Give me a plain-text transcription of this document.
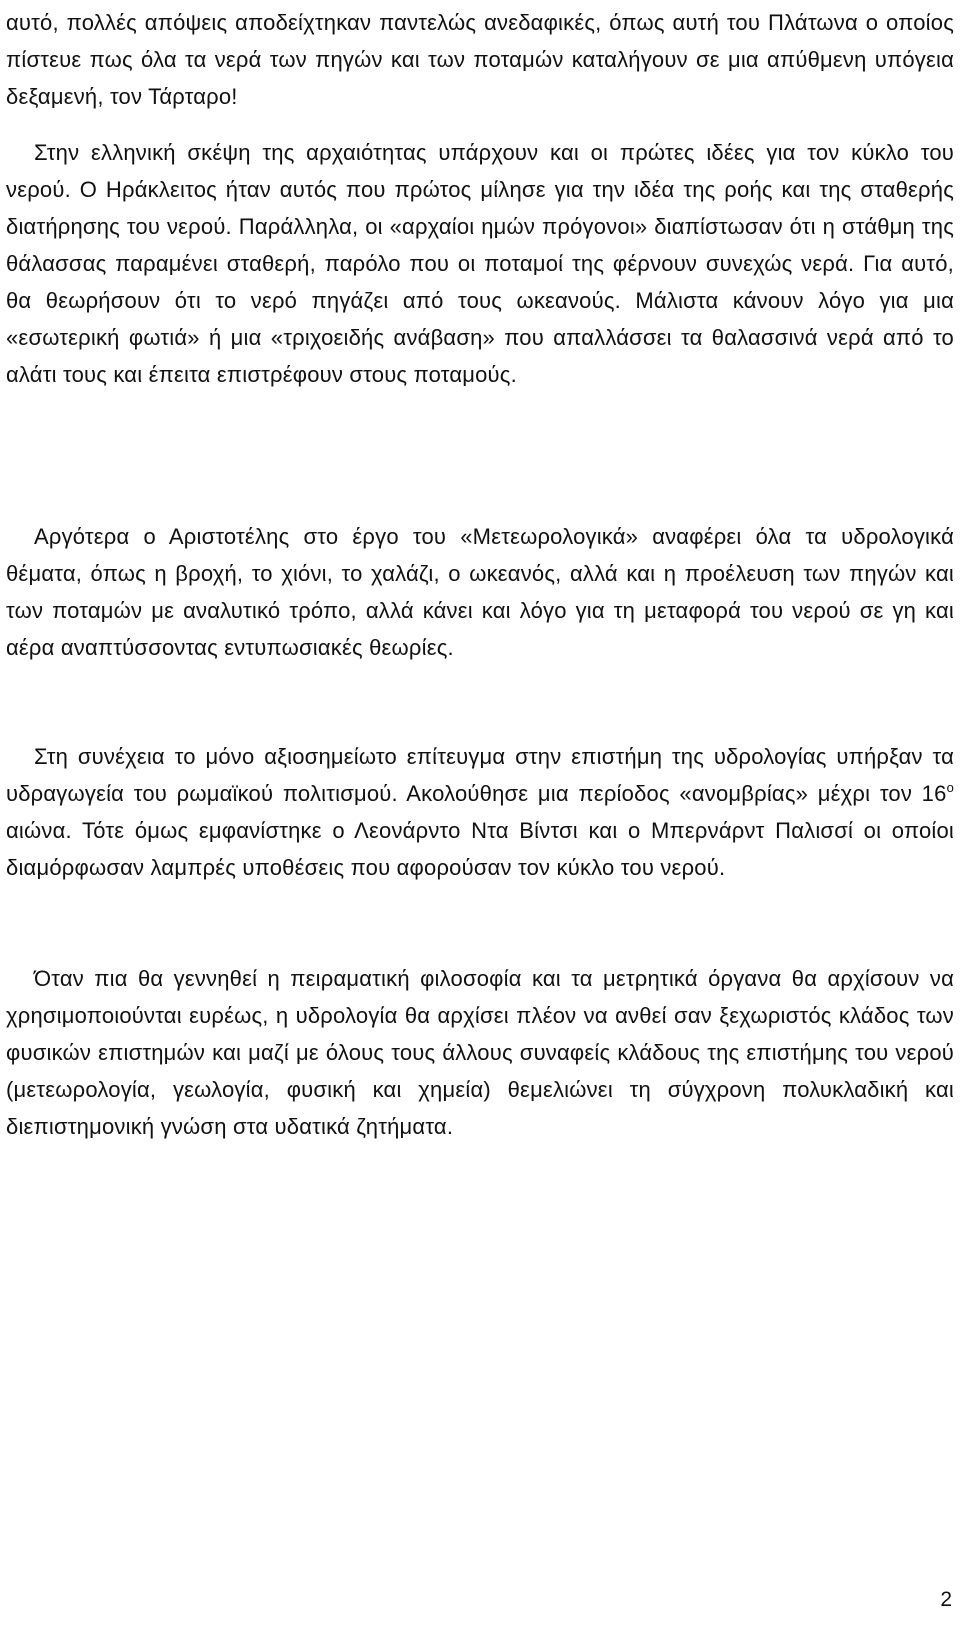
αυτό, πολλές απόψεις αποδείχτηκαν παντελώς ανεδαφικές, όπως αυτή του Πλάτωνα ο οποίος πίστευε πως όλα τα νερά των πηγών και των ποταμών καταλήγουν σε μια απύθμενη υπόγεια δεξαμενή, τον Τάρταρο!

Στην ελληνική σκέψη της αρχαιότητας υπάρχουν και οι πρώτες ιδέες για τον κύκλο του νερού. Ο Ηράκλειτος ήταν αυτός που πρώτος μίλησε για την ιδέα της ροής και της σταθερής διατήρησης του νερού. Παράλληλα, οι «αρχαίοι ημών πρόγονοι» διαπίστωσαν ότι η στάθμη της θάλασσας παραμένει σταθερή, παρόλο που οι ποταμοί της φέρνουν συνεχώς νερά. Για αυτό, θα θεωρήσουν ότι το νερό πηγάζει από τους ωκεανούς. Μάλιστα κάνουν λόγο για μια «εσωτερική φωτιά» ή μια «τριχοειδής ανάβαση» που απαλλάσσει τα θαλασσινά νερά από το αλάτι τους και έπειτα επιστρέφουν στους ποταμούς.

Αργότερα ο Αριστοτέλης στο έργο του «Μετεωρολογικά» αναφέρει όλα τα υδρολογικά θέματα, όπως η βροχή, το χιόνι, το χαλάζι, ο ωκεανός, αλλά και η προέλευση των πηγών και των ποταμών με αναλυτικό τρόπο, αλλά κάνει και λόγο για τη μεταφορά του νερού σε γη και αέρα αναπτύσσοντας εντυπωσιακές θεωρίες.

Στη συνέχεια το μόνο αξιοσημείωτο επίτευγμα στην επιστήμη της υδρολογίας υπήρξαν τα υδραγωγεία του ρωμαϊκού πολιτισμού. Ακολούθησε μια περίοδος «ανομβρίας» μέχρι τον $16^o$ αιώνα. Τότε όμως εμφανίστηκε ο Λεονάρντο Ντα Βίντσι και ο Μπερνάρντ Παλισσί οι οποίοι διαμόρφωσαν λαμπρές υποθέσεις που αφορούσαν τον κύκλο του νερού.

Όταν πια θα γεννηθεί η πειραματική φιλοσοφία και τα μετρητικά όργανα θα αρχίσουν να χρησιμοποιούνται ευρέως, η υδρολογία θα αρχίσει πλέον να ανθεί σαν ξεχωριστός κλάδος των φυσικών επιστημών και μαζί με όλους τους άλλους συναφείς κλάδους της επιστήμης του νερού (μετεωρολογία, γεωλογία, φυσική και χημεία) θεμελιώνει τη σύγχρονη πολυκλαδική και διεπιστημονική γνώση στα υδατικά ζητήματα.

2
